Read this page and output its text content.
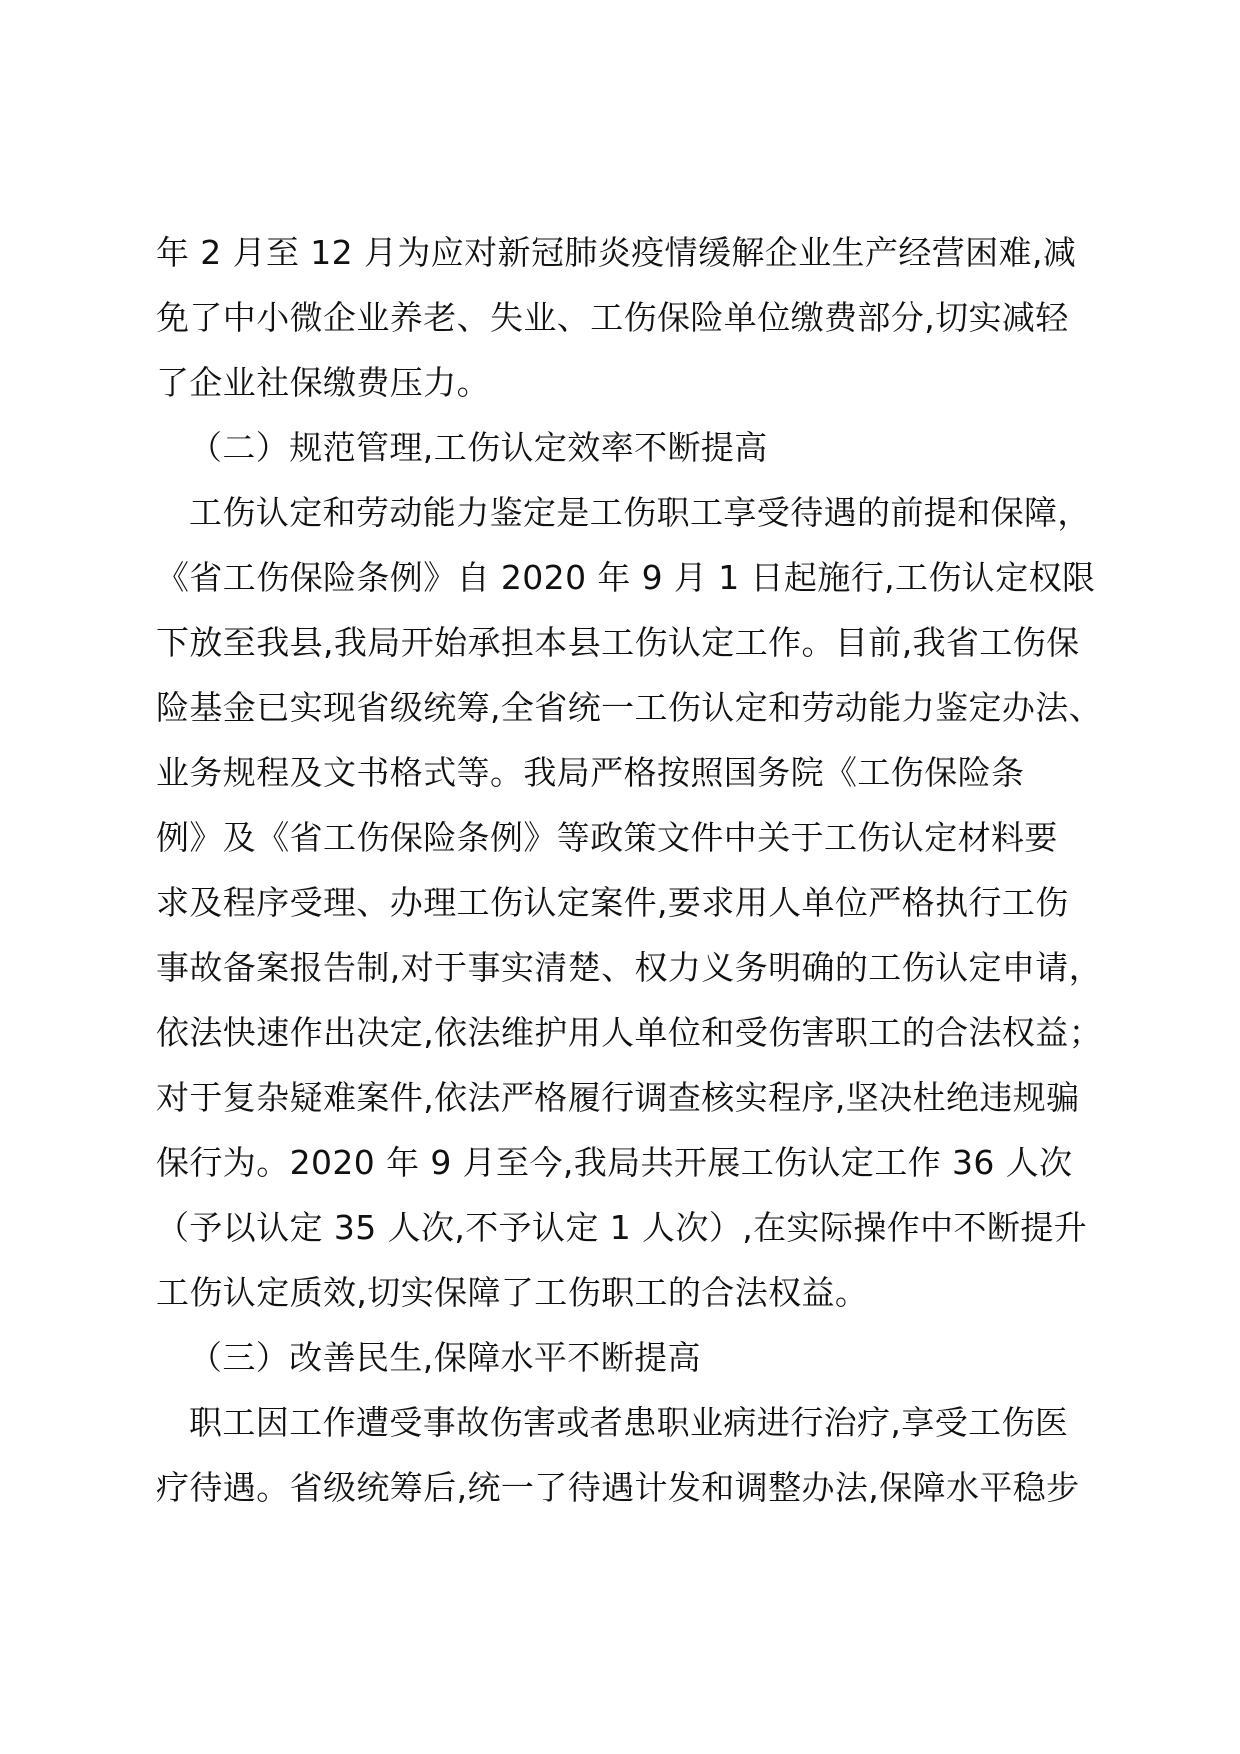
年 2 月至 12 月为应对新冠肺炎疫情缓解企业生产经营困难,减
免了中小微企业养老、失业、工伤保险单位缴费部分,切实减轻
了企业社保缴费压力。
（二）规范管理,工伤认定效率不断提高
工伤认定和劳动能力鉴定是工伤职工享受待遇的前提和保障，
《省工伤保险条例》自 2020 年 9 月 1 日起施行,工伤认定权限
下放至我县,我局开始承担本县工伤认定工作。目前,我省工伤保
险基金已实现省级统筹,全省统一工伤认定和劳动能力鉴定办法、
业务规程及文书格式等。我局严格按照国务院《工伤保险条
例》及《省工伤保险条例》等政策文件中关于工伤认定材料要
求及程序受理、办理工伤认定案件,要求用人单位严格执行工伤
事故备案报告制,对于事实清楚、权力义务明确的工伤认定申请，
依法快速作出决定,依法维护用人单位和受伤害职工的合法权益；
对于复杂疑难案件,依法严格履行调查核实程序,坚决杜绝违规骗
保行为。2020 年 9 月至今,我局共开展工伤认定工作 36 人次
（予以认定 35 人次,不予认定 1 人次）,在实际操作中不断提升
工伤认定质效,切实保障了工伤职工的合法权益。
（三）改善民生,保障水平不断提高
职工因工作遭受事故伤害或者患职业病进行治疗,享受工伤医
疗待遇。省级统筹后,统一了待遇计发和调整办法,保障水平稳步
